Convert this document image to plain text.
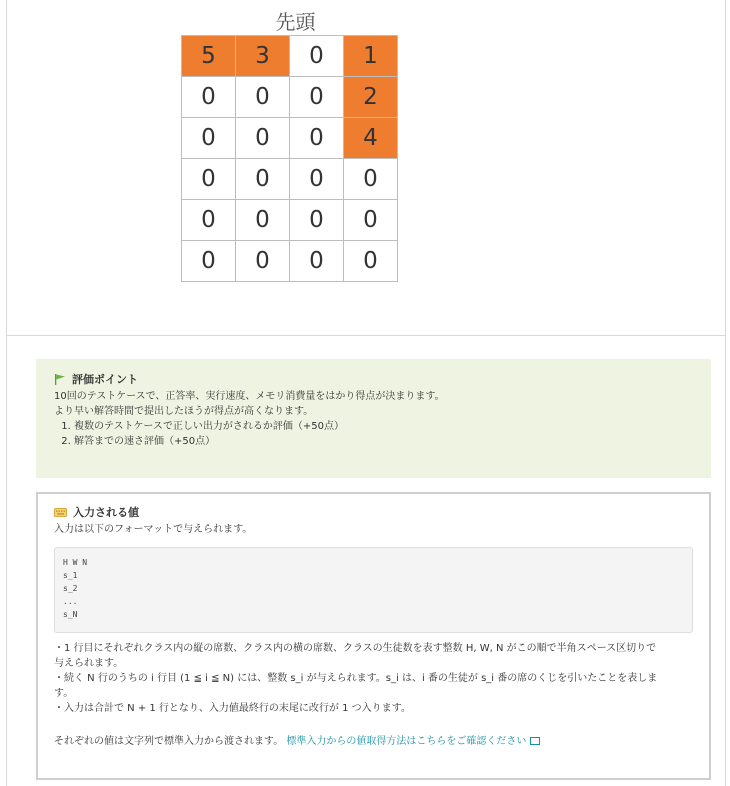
先頭
5	3	0	1
0	0	0	2
0	0	0	4
0	0	0	0
0	0	0	0
0	0	0	0
評価ポイント
10回のテストケースで、正答率、実行速度、メモリ消費量をはかり得点が決まります。
より早い解答時間で提出したほうが得点が高くなります。
1. 複数のテストケースで正しい出力がされるか評価（+50点）
2. 解答までの速さ評価（+50点）
入力される値
入力は以下のフォーマットで与えられます。
H W N
s_1
s_2
...
s_N
・1 行目にそれぞれクラス内の縦の席数、クラス内の横の席数、クラスの生徒数を表す整数 H, W, N がこの順で半角スペース区切りで
与えられます。
・続く N 行のうちの i 行目 (1 ≦ i ≦ N) には、整数 s_i が与えられます。s_i は、i 番の生徒が s_i 番の席のくじを引いたことを表しま
す。
・入力は合計で N + 1 行となり、入力値最終行の末尾に改行が 1 つ入ります。
それぞれの値は文字列で標準入力から渡されます。 標準入力からの値取得方法はこちらをご確認ください
